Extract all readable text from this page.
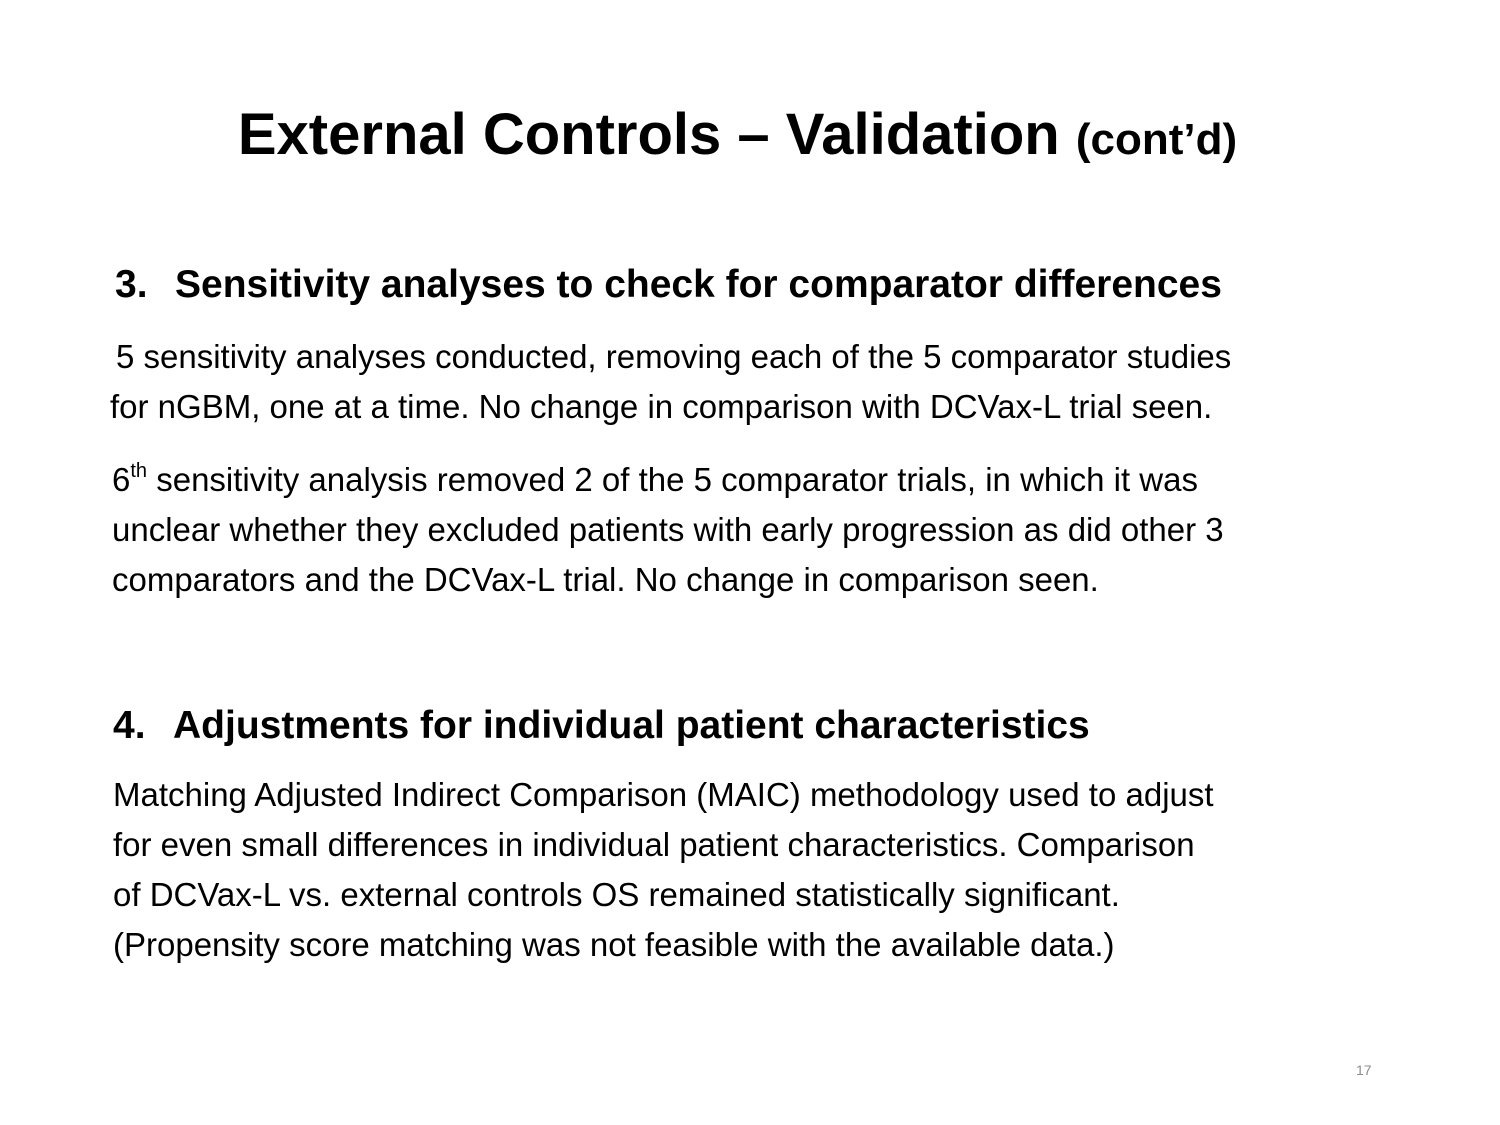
External Controls – Validation (cont’d)
3. Sensitivity analyses to check for comparator differences
5 sensitivity analyses conducted, removing each of the 5 comparator studies
for nGBM, one at a time. No change in comparison with DCVax-L trial seen.
6th sensitivity analysis removed 2 of the 5 comparator trials, in which it was
unclear whether they excluded patients with early progression as did other 3
comparators and the DCVax-L trial. No change in comparison seen.
4. Adjustments for individual patient characteristics
Matching Adjusted Indirect Comparison (MAIC) methodology used to adjust
for even small differences in individual patient characteristics. Comparison
of DCVax-L vs. external controls OS remained statistically significant.
(Propensity score matching was not feasible with the available data.)
17
